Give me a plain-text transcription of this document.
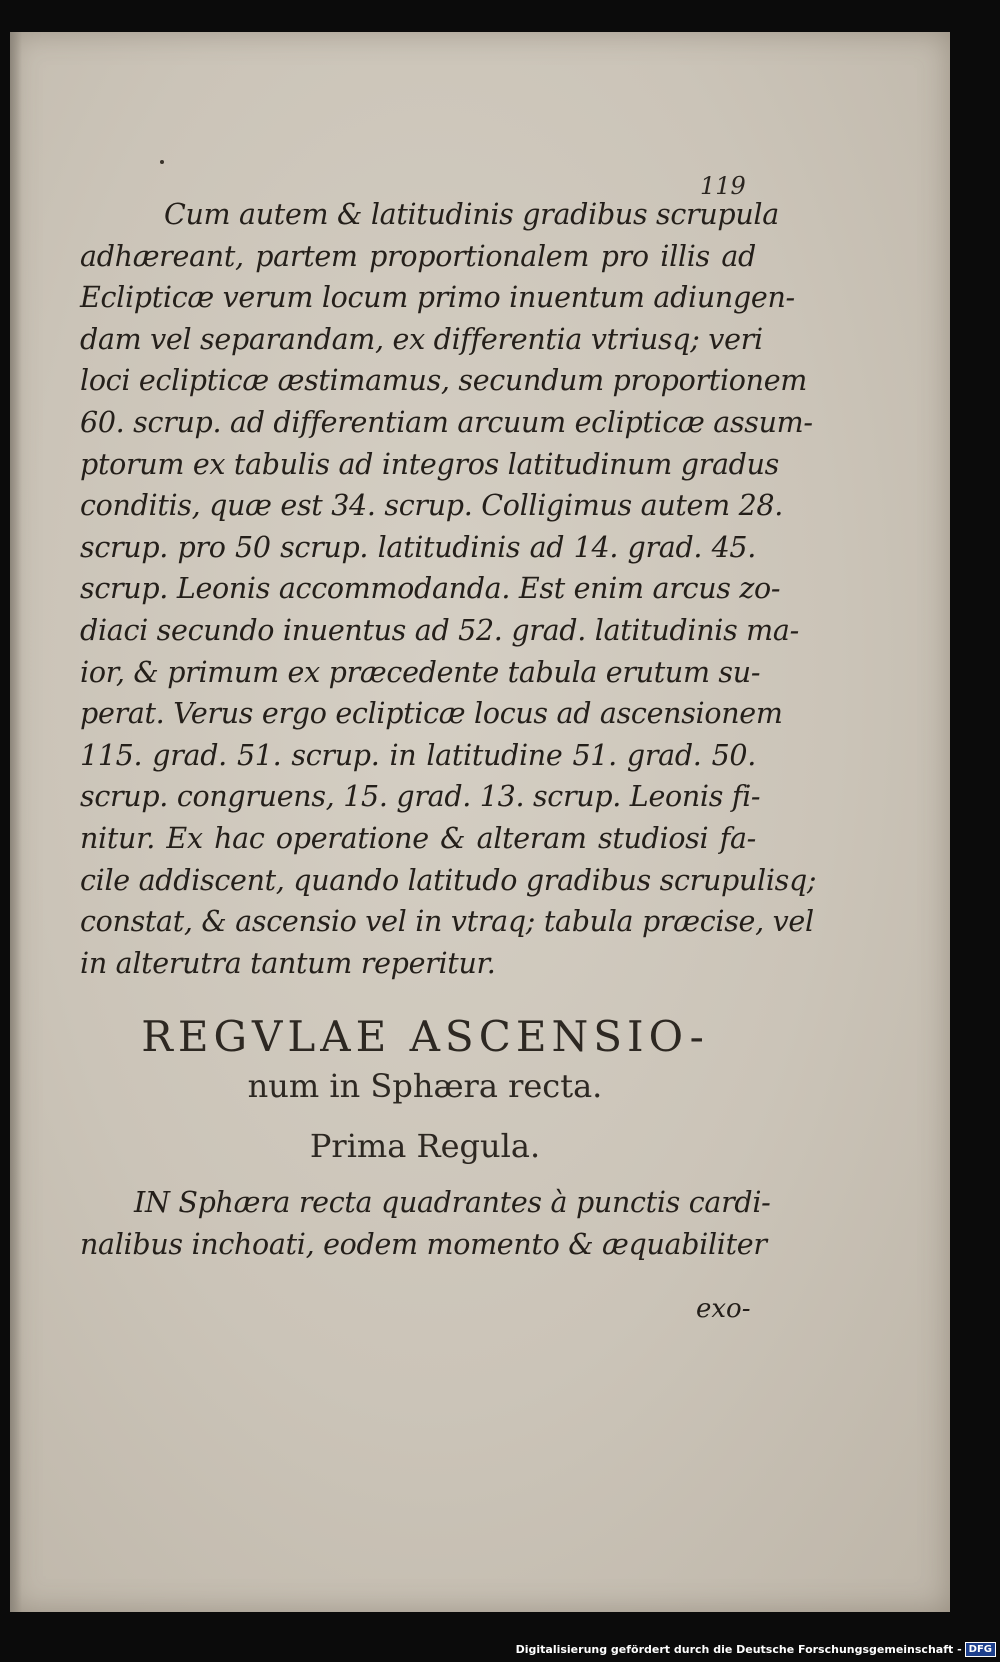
119
Cum autem & latitudinis gradibus scrupula
adhæreant, partem proportionalem pro illis ad
Eclipticæ verum locum primo inuentum adiungen-
dam vel separandam, ex differentia vtriusq; veri
loci eclipticæ æstimamus, secundum proportionem
60. scrup. ad differentiam arcuum eclipticæ assum-
ptorum ex tabulis ad integros latitudinum gradus
conditis, quæ est 34. scrup. Colligimus autem 28.
scrup. pro 50 scrup. latitudinis ad 14. grad. 45.
scrup. Leonis accommodanda. Est enim arcus zo-
diaci secundo inuentus ad 52. grad. latitudinis ma-
ior, & primum ex præcedente tabula erutum su-
perat. Verus ergo eclipticæ locus ad ascensionem
115. grad. 51. scrup. in latitudine 51. grad. 50.
scrup. congruens, 15. grad. 13. scrup. Leonis fi-
nitur. Ex hac operatione & alteram studiosi fa-
cile addiscent, quando latitudo gradibus scrupulisq;
constat, & ascensio vel in vtraq; tabula præcise, vel
in alterutra tantum reperitur.
REGVLAE ASCENSIO-
num in Sphæra recta.
Prima Regula.
IN Sphæra recta quadrantes à punctis cardi-
nalibus inchoati, eodem momento & æquabiliter
exo-
Digitalisierung gefördert durch die Deutsche Forschungsgemeinschaft - DFG
